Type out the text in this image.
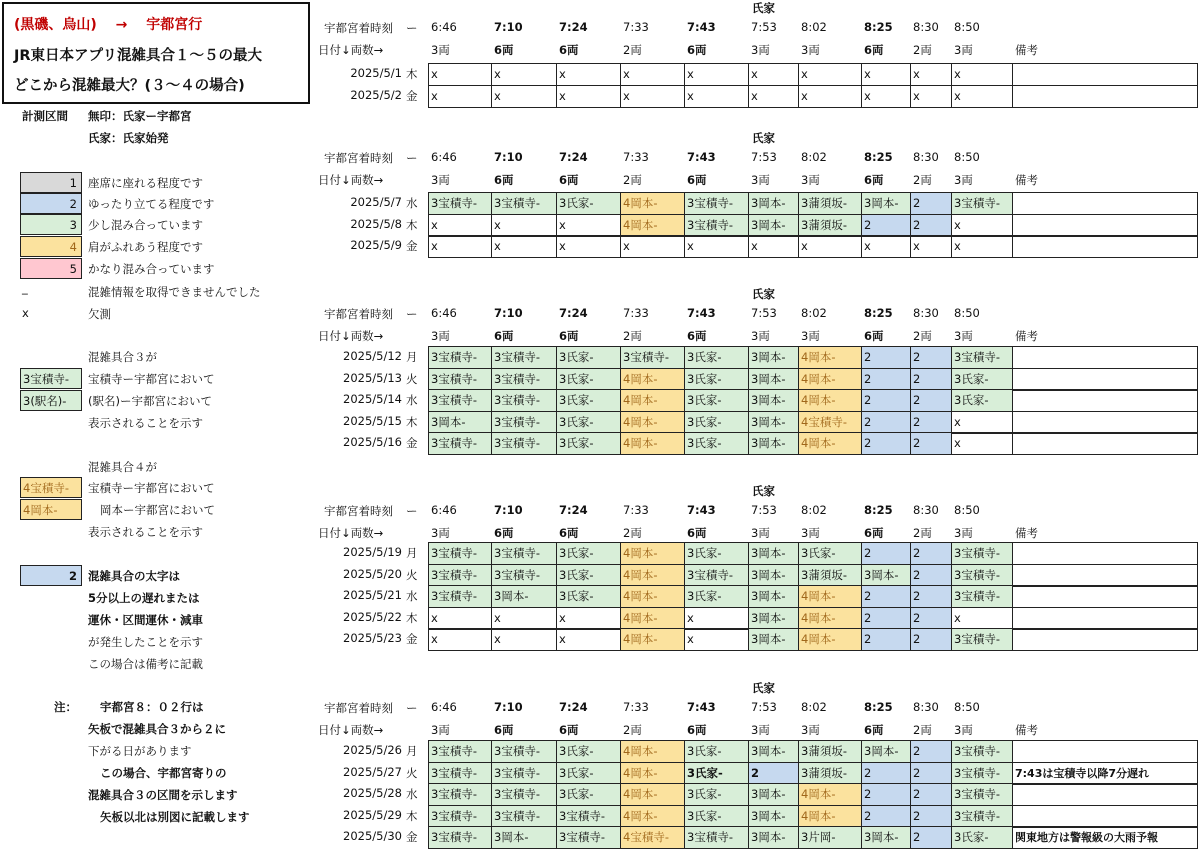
(黒磯、烏山) → 宇都宮行
JR東日本アプリ混雑具合１～５の最大
どこから混雑最大？(３～４の場合)
計測区間 無印：氏家ー宇都宮
氏家：氏家始発
1 座席に座れる程度です
2 ゆったり立てる程度です
3 少し混み合っています
4 肩がふれあう程度です
5 かなり混み合っています
_	混雑情報を取得できませんでした
x	欠測
混雑具合３が
3宝積寺-	宝積寺ー宇都宮において
3(駅名)-	(駅名)ー宇都宮において
表示されることを示す
混雑具合４が
4宝積寺-	宝積寺ー宇都宮において
4岡本-	岡本ー宇都宮において
表示されることを示す
2 混雑具合の太字は
5分以上の遅れまたは
運休・区間運休・減車
が発生したことを示す
この場合は備考に記載
注： 宇都宮８：０２行は
矢板で混雑具合３から２に
下がる日があります
この場合、宇都宮寄りの
混雑具合３の区間を示します
矢板以北は別図に記載します
氏家
宇都宮着時刻 ー 6:46	7:10	7:24	7:33	7:43	7:53 8:02	8:25 8:30 8:50
日付↓両数→	3両	6両	6両	2両	6両	3両	3両	6両	2両 3両	備考
2025/5/1 木 x	x	x	x	x	x	x	x	x	x
2025/5/2 金 x	x	x	x	x	x	x	x	x	x
氏家
宇都宮着時刻 ー 6:46	7:10	7:24	7:33	7:43	7:53 8:02	8:25 8:30 8:50
日付↓両数→	3両	6両	6両	2両	6両	3両	3両	6両	2両 3両	備考
2025/5/7 水 3宝積寺-	3宝積寺-	3氏家-	4岡本-	3宝積寺-	3岡本-	3蒲須坂-	3岡本-	2	3宝積寺-
2025/5/8 木 x	x	x	4岡本-	3宝積寺-	3岡本-	3蒲須坂-	2	2	x
2025/5/9 金 x	x	x	x	x	x	x	x	x	x
氏家
宇都宮着時刻 ー 6:46	7:10	7:24	7:33	7:43	7:53 8:02	8:25 8:30 8:50
日付↓両数→	3両	6両	6両	2両	6両	3両	3両	6両	2両 3両	備考
2025/5/12 月 3宝積寺-	3宝積寺-	3氏家-	3宝積寺-	3氏家-	3岡本-	4岡本-	2	2	3宝積寺-
2025/5/13 火 3宝積寺-	3宝積寺-	3氏家-	4岡本-	3氏家-	3岡本-	4岡本-	2	2	3氏家-
2025/5/14 水 3宝積寺-	3宝積寺-	3氏家-	4岡本-	3氏家-	3岡本-	4岡本-	2	2	3氏家-
2025/5/15 木 3岡本-	3宝積寺-	3氏家-	4岡本-	3氏家-	3岡本-	4宝積寺-	2	2	x
2025/5/16 金 3宝積寺-	3宝積寺-	3氏家-	4岡本-	3氏家-	3岡本-	4岡本-	2	2	x
氏家
宇都宮着時刻 ー 6:46	7:10	7:24	7:33	7:43	7:53 8:02	8:25 8:30 8:50
日付↓両数→	3両	6両	6両	2両	6両	3両	3両	6両	2両 3両	備考
2025/5/19 月 3宝積寺-	3宝積寺-	3氏家-	4岡本-	3氏家-	3岡本-	3氏家-	2	2	3宝積寺-
2025/5/20 火 3宝積寺-	3宝積寺-	3氏家-	4岡本-	3宝積寺-	3岡本-	3蒲須坂-	3岡本-	2	3宝積寺-
2025/5/21 水 3宝積寺-	3岡本-	3氏家-	4岡本-	3氏家-	3岡本-	4岡本-	2	2	3宝積寺-
2025/5/22 木 x	x	x	4岡本-	x	3岡本-	4岡本-	2	2	x
2025/5/23 金 x	x	x	4岡本-	x	3岡本-	4岡本-	2	2	3宝積寺-
氏家
宇都宮着時刻 ー 6:46	7:10	7:24	7:33	7:43	7:53 8:02	8:25 8:30 8:50
日付↓両数→	3両	6両	6両	2両	6両	3両	3両	6両	2両 3両	備考
2025/5/26 月 3宝積寺-	3宝積寺-	3氏家-	4岡本-	3氏家-	3岡本-	3蒲須坂-	3岡本-	2	3宝積寺-
2025/5/27 火 3宝積寺-	3宝積寺-	3氏家-	4岡本-	3氏家-	2	3蒲須坂-	2	2	3宝積寺-	7:43は宝積寺以降7分遅れ
2025/5/28 水 3宝積寺-	3宝積寺-	3氏家-	4岡本-	3氏家-	3岡本-	4岡本-	2	2	3宝積寺-
2025/5/29 木 3宝積寺-	3宝積寺-	3宝積寺-	4岡本-	3氏家-	3岡本-	4岡本-	2	2	3宝積寺-
2025/5/30 金 3宝積寺-	3岡本-	3宝積寺-	4宝積寺-	3宝積寺-	3岡本-	3片岡-	3岡本-	2	3氏家-	関東地方は警報級の大雨予報
